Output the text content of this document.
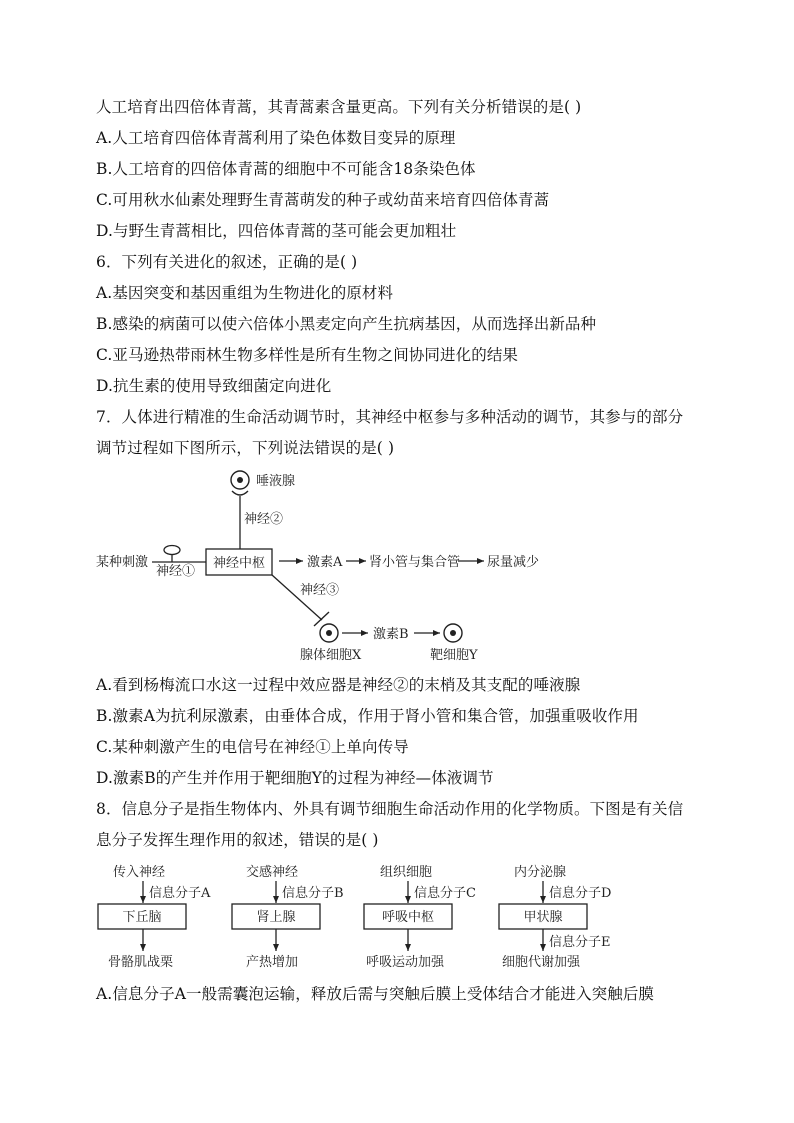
人工培育出四倍体青蒿，其青蒿素含量更高。下列有关分析错误的是( )
A.人工培育四倍体青蒿利用了染色体数目变异的原理
B.人工培育的四倍体青蒿的细胞中不可能含18条染色体
C.可用秋水仙素处理野生青蒿萌发的种子或幼苗来培育四倍体青蒿
D.与野生青蒿相比，四倍体青蒿的茎可能会更加粗壮
6．下列有关进化的叙述，正确的是( )
A.基因突变和基因重组为生物进化的原材料
B.感染的病菌可以使六倍体小黑麦定向产生抗病基因，从而选择出新品种
C.亚马逊热带雨林生物多样性是所有生物之间协同进化的结果
D.抗生素的使用导致细菌定向进化
7．人体进行精准的生命活动调节时，其神经中枢参与多种活动的调节，其参与的部分
调节过程如下图所示，下列说法错误的是( )
唾液腺
神经②
某种刺激
神经①
神经中枢	激素A 肾小管与集合管 尿量减少
神经③
腺体细胞X
激素B
靶细胞Y
传入神经
信息分子A
下丘脑
骨骼肌战栗
交感神经
信息分子B
肾上腺
产热增加
组织细胞
信息分子C
呼吸中枢
呼吸运动加强
内分泌腺
信息分子D
甲状腺
信息分子E
细胞代谢加强
A.看到杨梅流口水这一过程中效应器是神经②的末梢及其支配的唾液腺
B.激素A为抗利尿激素，由垂体合成，作用于肾小管和集合管，加强重吸收作用
C.某种刺激产生的电信号在神经①上单向传导
D.激素B的产生并作用于靶细胞Y的过程为神经—体液调节
8．信息分子是指生物体内、外具有调节细胞生命活动作用的化学物质。下图是有关信
息分子发挥生理作用的叙述，错误的是( )
A.信息分子A一般需囊泡运输，释放后需与突触后膜上受体结合才能进入突触后膜
